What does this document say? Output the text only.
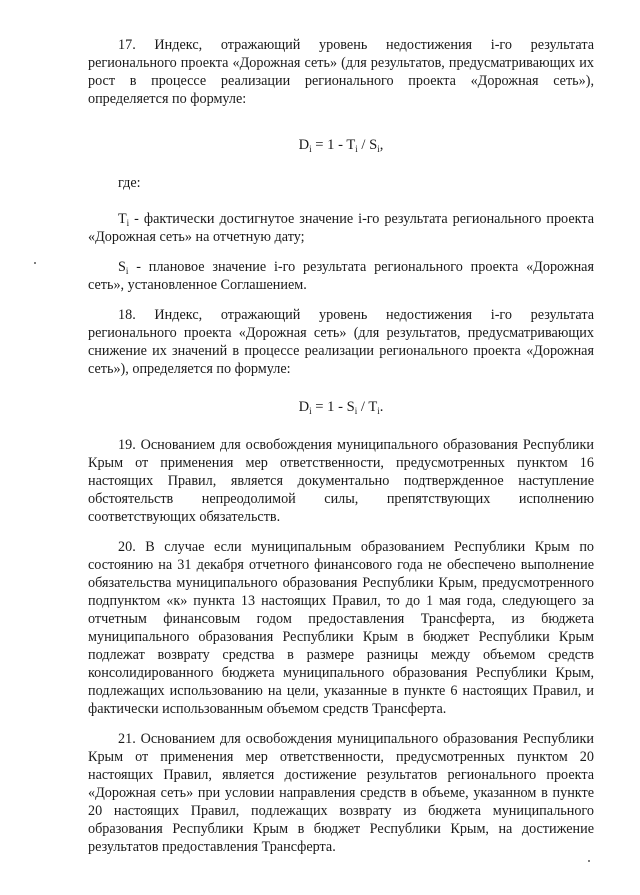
17. Индекс, отражающий уровень недостижения i-го результата регионального проекта «Дорожная сеть» (для результатов, предусматривающих их рост в процессе реализации регионального проекта «Дорожная сеть»), определяется по формуле:

$D_i = 1 - T_i / S_i$,

где:

$T_i$ - фактически достигнутое значение i-го результата регионального проекта «Дорожная сеть» на отчетную дату;

$S_i$ - плановое значение i-го результата регионального проекта «Дорожная сеть», установленное Соглашением.

18. Индекс, отражающий уровень недостижения i-го результата регионального проекта «Дорожная сеть» (для результатов, предусматривающих снижение их значений в процессе реализации регионального проекта «Дорожная сеть»), определяется по формуле:

$D_i = 1 - S_i / T_i$.

19. Основанием для освобождения муниципального образования Республики Крым от применения мер ответственности, предусмотренных пунктом 16 настоящих Правил, является документально подтвержденное наступление обстоятельств непреодолимой силы, препятствующих исполнению соответствующих обязательств.

20. В случае если муниципальным образованием Республики Крым по состоянию на 31 декабря отчетного финансового года не обеспечено выполнение обязательства муниципального образования Республики Крым, предусмотренного подпунктом «к» пункта 13 настоящих Правил, то до 1 мая года, следующего за отчетным финансовым годом предоставления Трансферта, из бюджета муниципального образования Республики Крым в бюджет Республики Крым подлежат возврату средства в размере разницы между объемом средств консолидированного бюджета муниципального образования Республики Крым, подлежащих использованию на цели, указанные в пункте 6 настоящих Правил, и фактически использованным объемом средств Трансферта.

21. Основанием для освобождения муниципального образования Республики Крым от применения мер ответственности, предусмотренных пунктом 20 настоящих Правил, является достижение результатов регионального проекта «Дорожная сеть» при условии направления средств в объеме, указанном в пункте 20 настоящих Правил, подлежащих возврату из бюджета муниципального образования Республики Крым в бюджет Республики Крым, на достижение результатов предоставления Трансферта.
